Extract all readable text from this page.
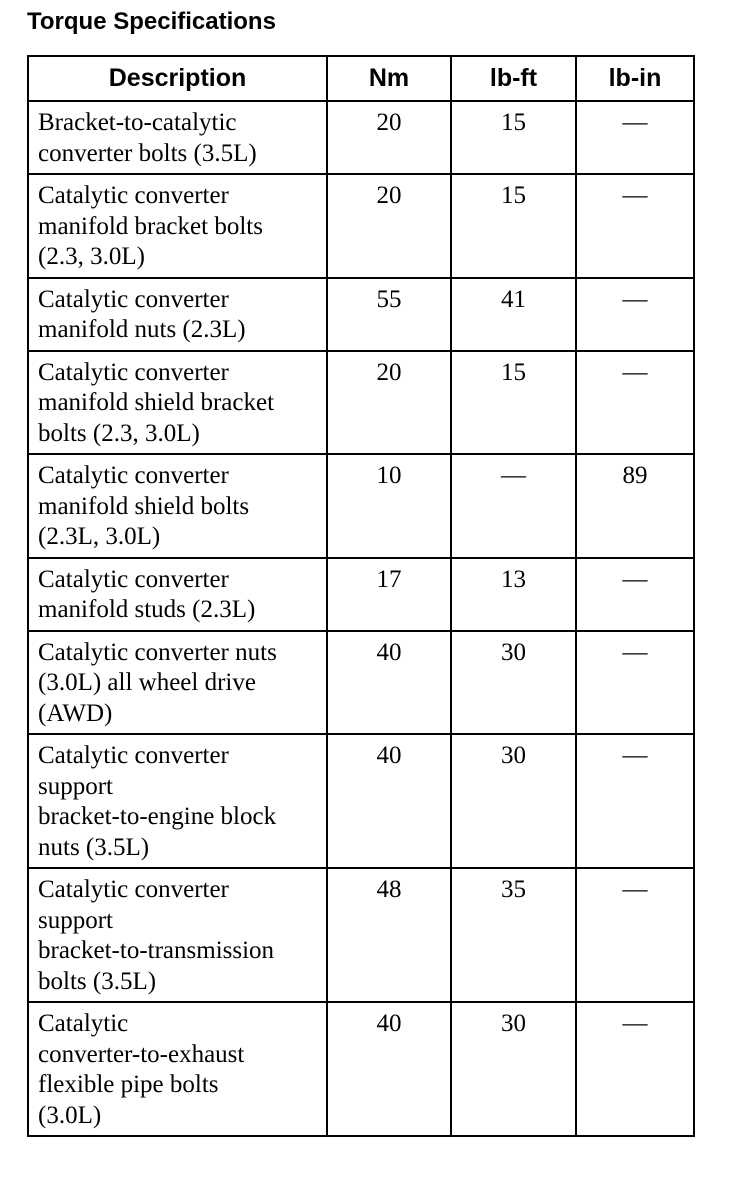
Torque Specifications
Description	Nm	lb-ft	lb-in

Bracket-to-catalytic
converter bolts (3.5L)	20	15	—

Catalytic converter
manifold bracket bolts
(2.3, 3.0L)	20	15	—

Catalytic converter
manifold nuts (2.3L)	55	41	—

Catalytic converter
manifold shield bracket
bolts (2.3, 3.0L)	20	15	—

Catalytic converter
manifold shield bolts
(2.3L, 3.0L)	10	—	89

Catalytic converter
manifold studs (2.3L)	17	13	—

Catalytic converter nuts
(3.0L) all wheel drive
(AWD)	40	30	—

Catalytic converter
support
bracket-to-engine block
nuts (3.5L)	40	30	—

Catalytic converter
support
bracket-to-transmission
bolts (3.5L)	48	35	—

Catalytic
converter-to-exhaust
flexible pipe bolts
(3.0L)	40	30	—
